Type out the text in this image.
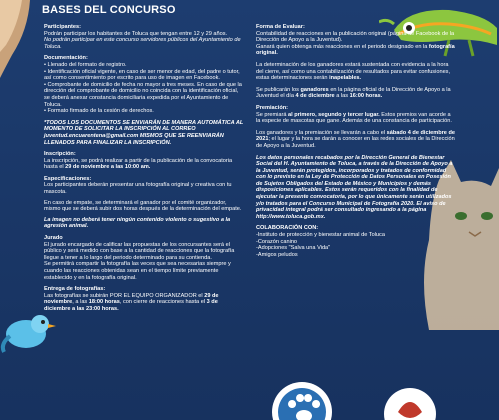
BASES DEL CONCURSO
Participantes:

Podrán participar los habitantes de Toluca que tengan entre 12 y 29 años.

No podrán participar en este concurso servidores públicos del Ayuntamiento de Toluca.

Documentación:

• Llenado del formato de registro.

• Identificación oficial vigente, en caso de ser menor de edad, del padre o tutor, así como consentimiento por escrito para uso de imagen en Facebook.

• Comprobante de domicilio de fecha no mayor a tres meses. En caso de que la dirección del comprobante de domicilio no coincida con la identificación oficial, se deberá anexar constancia domiciliaria expedida por el Ayuntamiento de Toluca.

• Formato firmado de la cesión de derechos.

*TODOS LOS DOCUMENTOS SE ENVIARÁN DE MANERA AUTOMÁTICA AL MOMENTO DE SOLICITAR LA INSCRIPCIÓN AL CORREO juventud.encuarentena@gmail.com MISMOS QUE SE REENVIARÁN LLENADOS PARA FINALIZAR LA INSCRIPCIÓN.

Inscripción:

La inscripción, se podrá realizar a partir de la publicación de la convocatoria hasta el 29 de noviembre a las 10:00 am.

Especificaciones:

Los participantes deberán presentar una fotografía original y creativa con tu mascota.

En caso de empate, se determinará el ganador por el comité organizador, mismo que se deberá subir dos horas después de la determinación del empate.

La imagen no deberá tener ningún contenido violento o sugestivo a la agresión animal.

Jurado

El jurado encargado de calificar las propuestas de los concursantes será el público y será medido con base a la cantidad de reacciones que la fotografía llegue a tener a lo largo del periodo determinado para su contienda.

Se permitirá compartir la fotografía las veces que sea necesarias siempre y cuando las reacciones obtenidas sean en el tiempo límite previamente establecido y en la fotografía original.

Entrega de fotografías:

Las fotografías se subirán POR EL EQUIPO ORGANIZADOR el 29 de noviembre, a las 18:00 horas, con cierre de reacciones hasta el 3 de diciembre a las 23:00 horas.

Forma de Evaluar:

Contabilidad de reacciones en la publicación original (página de Facebook de la Dirección de Apoyo a la Juventud).

Ganará quien obtenga más reacciones en el periodo designado en la fotografía original.

La determinación de los ganadores estará sustentada con evidencia a la hora del cierre, así como una contabilización de resultados para evitar confusiones, estas determinaciones serán inapelables.

Se publicarán los ganadores en la página oficial de la Dirección de Apoyo a la Juventud el día 4 de diciembre a las 16:00 horas.

Premiación:

Se premiará al primero, segundo y tercer lugar. Estos premios van acorde a la especie de mascotas que gane. Además de una constancia de participación.

Los ganadores y la premiación se llevarán a cabo el sábado 4 de diciembre de 2021; el lugar y la hora se darán a conocer en las redes sociales de la Dirección de Apoyo a la Juventud.

Los datos personales recabados por la Dirección General de Bienestar Social del H. Ayuntamiento de Toluca, a través de la Dirección de Apoyo a la Juventud, serán protegidos, incorporados y tratados de conformidad con lo previsto en la Ley de Protección de Datos Personales en Posesión de Sujetos Obligados del Estado de México y Municipios y demás disposiciones aplicables. Estos serán requeridos con la finalidad de ejecutar la presente convocatoria, por lo que únicamente serán utilizados y/o tratados para el Concurso Municipal de Fotografía 2020. El aviso de privacidad integral podrá ser consultado ingresando a la página http://www.toluca.gob.mx.

COLABORACIÓN CON:

-Instituto de protección y bienestar animal de Toluca

-Corazón canino

-Adopciones "Salva una Vida"

-Amigos peludos
